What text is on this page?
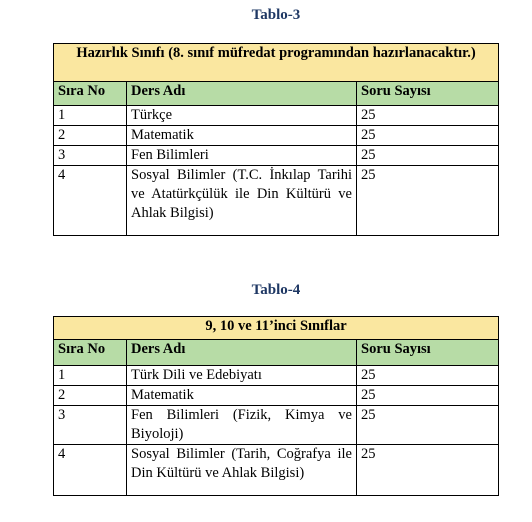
Tablo-3
Hazırlık Sınıfı (8. sınıf müfredat programından hazırlanacaktır.)		
Sıra No	Ders Adı	Soru Sayısı
1	Türkçe	25
2	Matematik	25
3	Fen Bilimleri	25
4	Sosyal Bilimler (T.C. İnkılap Tarihi ve Atatürkçülük ile Din Kültürü ve Ahlak Bilgisi)	25
Tablo-4
9, 10 ve 11’inci Sınıflar		
Sıra No	Ders Adı	Soru Sayısı
1	Türk Dili ve Edebiyatı	25
2	Matematik	25
3	Fen Bilimleri (Fizik, Kimya ve Biyoloji)	25
4	Sosyal Bilimler (Tarih, Coğrafya ile Din Kültürü ve Ahlak Bilgisi)	25
